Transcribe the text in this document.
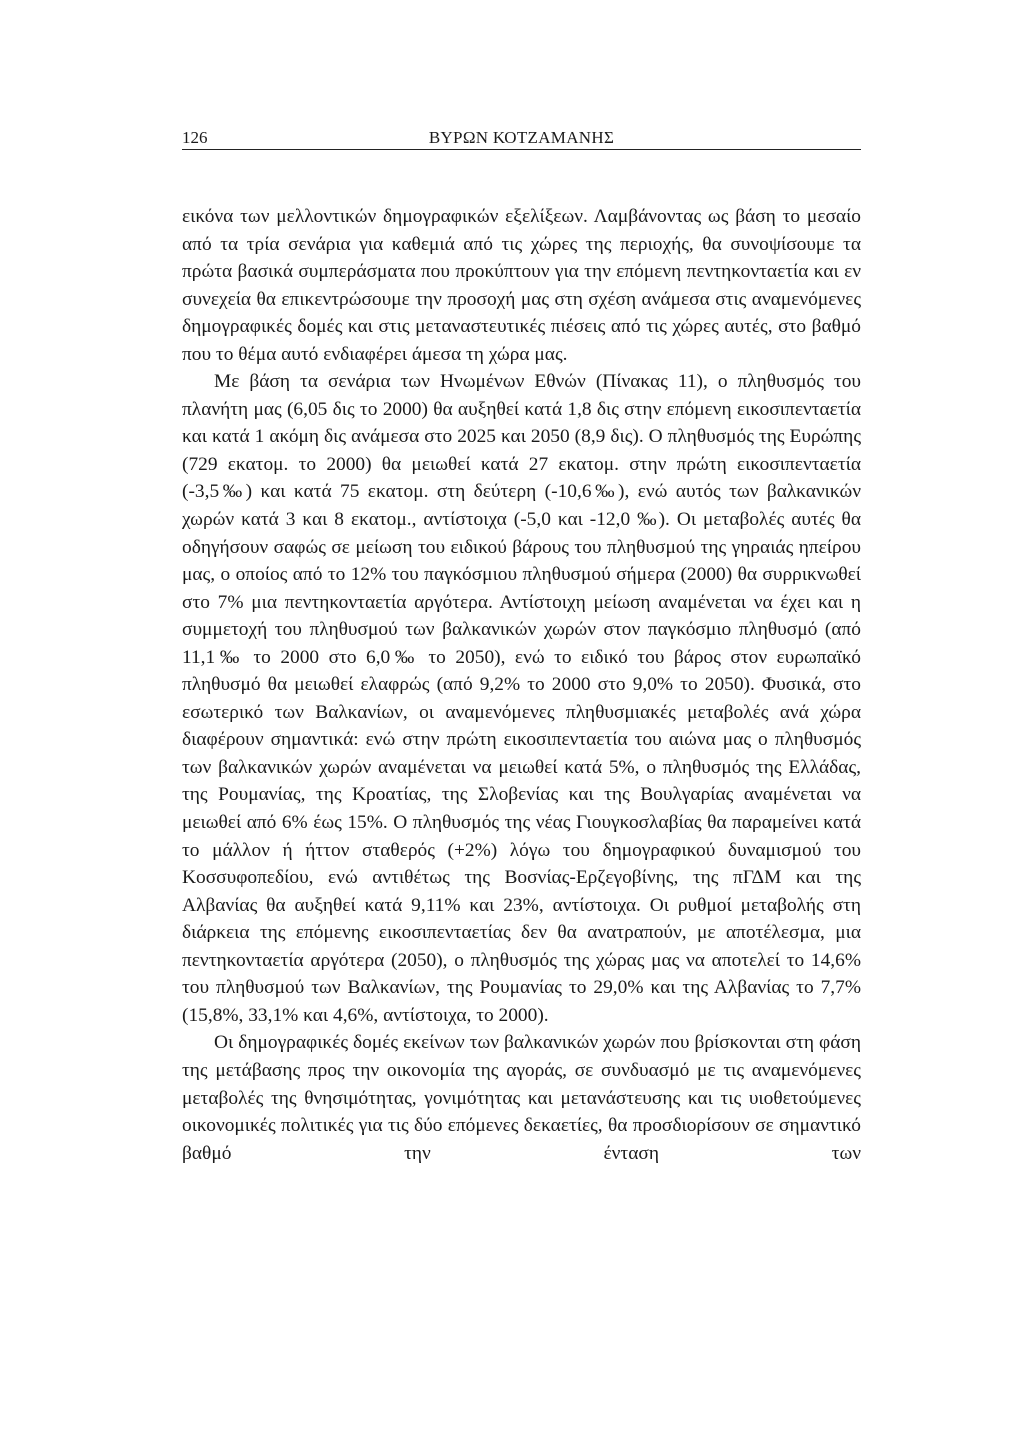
126	ΒΥΡΩΝ ΚΟΤΖΑΜΑΝΗΣ

εικόνα των μελλοντικών δημογραφικών εξελίξεων. Λαμβάνοντας ως βάση το μεσαίο από τα τρία σενάρια για καθεμιά από τις χώρες της περιοχής, θα συνοψίσουμε τα πρώτα βασικά συμπεράσματα που προκύπτουν για την επόμενη πεντηκονταετία και εν συνεχεία θα επικεντρώσουμε την προσοχή μας στη σχέση ανάμεσα στις αναμενόμενες δημογραφικές δομές και στις μεταναστευτικές πιέσεις από τις χώρες αυτές, στο βαθμό που το θέμα αυτό ενδιαφέρει άμεσα τη χώρα μας.

Με βάση τα σενάρια των Ηνωμένων Εθνών (Πίνακας 11), ο πληθυσμός του πλανήτη μας (6,05 δις το 2000) θα αυξηθεί κατά 1,8 δις στην επόμενη εικοσιπενταετία και κατά 1 ακόμη δις ανάμεσα στο 2025 και 2050 (8,9 δις). Ο πληθυσμός της Ευρώπης (729 εκατομ. το 2000) θα μειωθεί κατά 27 εκατομ. στην πρώτη εικοσιπενταετία (-3,5‰) και κατά 75 εκατομ. στη δεύτερη (-10,6‰), ενώ αυτός των βαλκανικών χωρών κατά 3 και 8 εκατομ., αντίστοιχα (-5,0 και -12,0 ‰). Οι μεταβολές αυτές θα οδηγήσουν σαφώς σε μείωση του ειδικού βάρους του πληθυσμού της γηραιάς ηπείρου μας, ο οποίος από το 12% του παγκόσμιου πληθυσμού σήμερα (2000) θα συρρικνωθεί στο 7% μια πεντηκονταετία αργότερα. Αντίστοιχη μείωση αναμένεται να έχει και η συμμετοχή του πληθυσμού των βαλκανικών χωρών στον παγκόσμιο πληθυσμό (από 11,1‰ το 2000 στο 6,0‰ το 2050), ενώ το ειδικό του βάρος στον ευρωπαϊκό πληθυσμό θα μειωθεί ελαφρώς (από 9,2% το 2000 στο 9,0% το 2050). Φυσικά, στο εσωτερικό των Βαλκανίων, οι αναμενόμενες πληθυσμιακές μεταβολές ανά χώρα διαφέρουν σημαντικά: ενώ στην πρώτη εικοσιπενταετία του αιώνα μας ο πληθυσμός των βαλκανικών χωρών αναμένεται να μειωθεί κατά 5%, ο πληθυσμός της Ελλάδας, της Ρουμανίας, της Κροατίας, της Σλοβενίας και της Βουλγαρίας αναμένεται να μειωθεί από 6% έως 15%. Ο πληθυσμός της νέας Γιουγκοσλαβίας θα παραμείνει κατά το μάλλον ή ήττον σταθερός (+2%) λόγω του δημογραφικού δυναμισμού του Κοσσυφοπεδίου, ενώ αντιθέτως της Βοσνίας-Ερζεγοβίνης, της πΓΔΜ και της Αλβανίας θα αυξηθεί κατά 9,11% και 23%, αντίστοιχα. Οι ρυθμοί μεταβολής στη διάρκεια της επόμενης εικοσιπενταετίας δεν θα ανατραπούν, με αποτέλεσμα, μια πεντηκονταετία αργότερα (2050), ο πληθυσμός της χώρας μας να αποτελεί το 14,6% του πληθυσμού των Βαλκανίων, της Ρουμανίας το 29,0% και της Αλβανίας το 7,7% (15,8%, 33,1% και 4,6%, αντίστοιχα, το 2000).

Οι δημογραφικές δομές εκείνων των βαλκανικών χωρών που βρίσκονται στη φάση της μετάβασης προς την οικονομία της αγοράς, σε συνδυασμό με τις αναμενόμενες μεταβολές της θνησιμότητας, γονιμότητας και μετανάστευσης και τις υιοθετούμενες οικονομικές πολιτικές για τις δύο επόμενες δεκαετίες, θα προσδιορίσουν σε σημαντικό βαθμό την ένταση των
